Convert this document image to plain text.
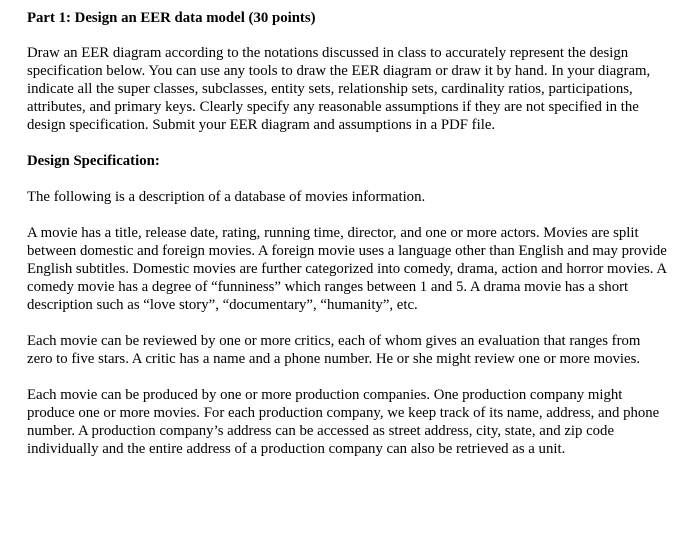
Part 1: Design an EER data model (30 points)

Draw an EER diagram according to the notations discussed in class to accurately represent the design specification below. You can use any tools to draw the EER diagram or draw it by hand. In your diagram, indicate all the super classes, subclasses, entity sets, relationship sets, cardinality ratios, participations, attributes, and primary keys. Clearly specify any reasonable assumptions if they are not specified in the design specification. Submit your EER diagram and assumptions in a PDF file.

Design Specification:

The following is a description of a database of movies information.

A movie has a title, release date, rating, running time, director, and one or more actors. Movies are split between domestic and foreign movies. A foreign movie uses a language other than English and may provide English subtitles. Domestic movies are further categorized into comedy, drama, action and horror movies. A comedy movie has a degree of “funniness” which ranges between 1 and 5. A drama movie has a short description such as “love story”, “documentary”, “humanity”, etc.

Each movie can be reviewed by one or more critics, each of whom gives an evaluation that ranges from zero to five stars. A critic has a name and a phone number. He or she might review one or more movies.

Each movie can be produced by one or more production companies. One production company might produce one or more movies. For each production company, we keep track of its name, address, and phone number. A production company’s address can be accessed as street address, city, state, and zip code individually and the entire address of a production company can also be retrieved as a unit.
